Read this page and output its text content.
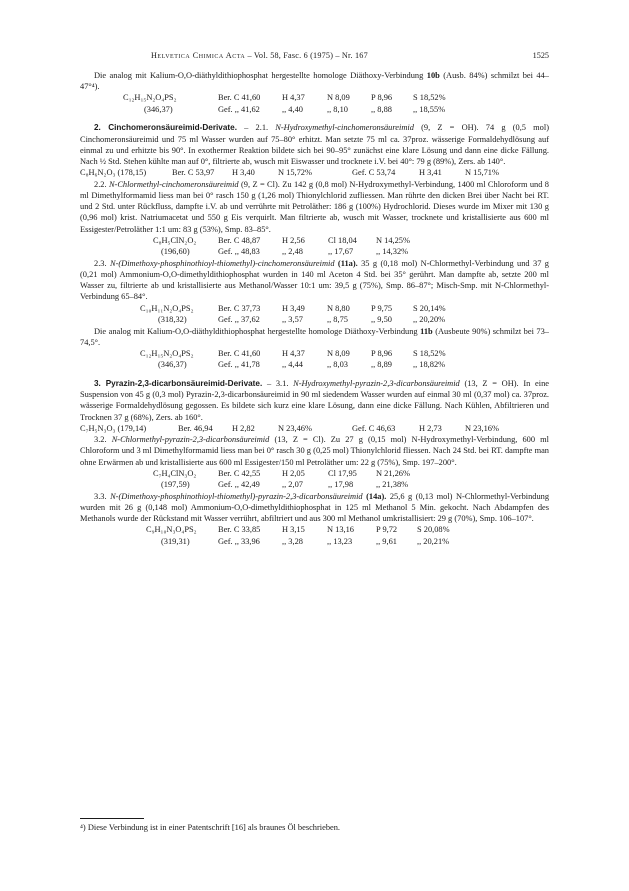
Helvetica Chimica Acta – Vol. 58, Fasc. 6 (1975) – Nr. 167	1525

Die analog mit Kalium-O,O-diäthyldithiophosphat hergestellte homologe Diäthoxy-Verbindung 10b (Ausb. 84%) schmilzt bei 44–47°⁴).

C₁₂H₁₅N₂O₄PS₂	Ber. C 41,60	H 4,37	N 8,09	P 8,96 S 18,52%
(346,37)	Gef. ,, 41,62	,, 4,40	,, 8,10	,, 8,88	,, 18,55%

2. Cinchomeronsäureimid-Derivate. – 2.1. N-Hydroxymethyl-cinchomeronsäureimid (9, Z = OH). 74 g (0,5 mol) Cinchomeronsäureimid und 75 ml Wasser wurden auf 75–80° erhitzt. Man setzte 75 ml ca. 37proz. wässerige Formaldehydlösung auf einmal zu und erhitzte bis 90°. In exothermer Reaktion bildete sich bei 90–95° zunächst eine klare Lösung und dann eine dicke Fällung. Nach ½ Std. Stehen kühlte man auf 0°, filtrierte ab, wusch mit Eiswasser und trocknete i.V. bei 40°: 79 g (89%), Zers. ab 140°.

C₈H₆N₂O₃ (178,15)	Ber. C 53,97 H 3,40	N 15,72%	Gef. C 53,74	H 3,41	N 15,71%

2.2. N-Chlormethyl-cinchomeronsäureimid (9, Z = Cl). Zu 142 g (0,8 mol) N-Hydroxymethyl-Verbindung, 1400 ml Chloroform und 8 ml Dimethylformamid liess man bei 0° rasch 150 g (1,26 mol) Thionylchlorid zufliessen. Man rührte den dicken Brei über Nacht bei RT. und 2 Std. unter Rückfluss, dampfte i.V. ab und verrührte mit Petroläther: 186 g (100%) Hydrochlorid. Dieses wurde im Mixer mit 130 g (0,96 mol) krist. Natriumacetat und 550 g Eis verquirlt. Man filtrierte ab, wusch mit Wasser, trocknete und kristallisierte aus 600 ml Essigester/Petroläther 1:1 um: 83 g (53%), Smp. 83–85°.

C₈H₅ClN₂O₂	Ber. C 48,87	H 2,56	Cl 18,04 N 14,25%
(196,60)	Gef. ,, 48,83	,, 2,48	,, 17,67	,, 14,32%

2.3. N-(Dimethoxy-phosphinothioyl-thiomethyl)-cinchomeronsäureimid (11a). 35 g (0,18 mol) N-Chlormethyl-Verbindung und 37 g (0,21 mol) Ammonium-O,O-dimethyldithiophosphat wurden in 140 ml Aceton 4 Std. bei 35° gerührt. Man dampfte ab, setzte 200 ml Wasser zu, filtrierte ab und kristallisierte aus Methanol/Wasser 10:1 um: 39,5 g (75%), Smp. 86–87°; Misch-Smp. mit N-Chlormethyl-Verbindung 65–84°.

C₁₀H₁₁N₂O₄PS₂	Ber. C 37,73	H 3,49	N 8,80	P 9,75 S 20,14%
(318,32)	Gef. ,, 37,62	,, 3,57	,, 8,75	,, 9,50	,, 20,20%

Die analog mit Kalium-O,O-diäthyldithiophosphat hergestellte homologe Diäthoxy-Verbindung 11b (Ausbeute 90%) schmilzt bei 73–74,5°.

C₁₂H₁₅N₂O₄PS₂	Ber. C 41,60	H 4,37	N 8,09	P 8,96 S 18,52%
(346,37)	Gef. ,, 41,78	,, 4,44	,, 8,03	,, 8,89	,, 18,82%

3. Pyrazin-2,3-dicarbonsäureimid-Derivate. – 3.1. N-Hydroxymethyl-pyrazin-2,3-dicarbonsäureimid (13, Z = OH). In eine Suspension von 45 g (0,3 mol) Pyrazin-2,3-dicarbonsäureimid in 90 ml siedendem Wasser wurden auf einmal 30 ml (0,37 mol) ca. 37proz. wässerige Formaldehydlösung gegossen. Es bildete sich kurz eine klare Lösung, dann eine dicke Fällung. Nach Kühlen, Abfiltrieren und Trocknen 37 g (68%), Zers. ab 160°.

C₇H₅N₃O₃ (179,14)	Ber. 46,94 H 2,82	N 23,46%	Gef. C 46,63	H 2,73	N 23,16%

3.2. N-Chlormethyl-pyrazin-2,3-dicarbonsäureimid (13, Z = Cl). Zu 27 g (0,15 mol) N-Hydroxymethyl-Verbindung, 600 ml Chloroform und 3 ml Dimethylformamid liess man bei 0° rasch 30 g (0,25 mol) Thionylchlorid fliessen. Nach 24 Std. bei RT. dampfte man ohne Erwärmen ab und kristallisierte aus 600 ml Essigester/150 ml Petroläther um: 22 g (75%), Smp. 197–200°.

C₇H₄ClN₃O₂	Ber. C 42,55	H 2,05	Cl 17,95 N 21,26%
(197,59)	Gef. ,, 42,49	,, 2,07	,, 17,98	,, 21,38%

3.3. N-(Dimethoxy-phosphinothioyl-thiomethyl)-pyrazin-2,3-dicarbonsäureimid (14a). 25,6 g (0,13 mol) N-Chlormethyl-Verbindung wurden mit 26 g (0,148 mol) Ammonium-O,O-dimethyldithiophosphat in 125 ml Methanol 5 Min. gekocht. Nach Abdampfen des Methanols wurde der Rückstand mit Wasser verrührt, abfiltriert und aus 300 ml Methanol umkristallisiert: 29 g (70%), Smp. 106–107°.

C₉H₁₀N₃O₄PS₂	Ber. C 33,85	H 3,15	N 13,16	P 9,72 S 20,08%
(319,31)	Gef. ,, 33,96	,, 3,28	,, 13,23	,, 9,61 ,, 20,21%

⁴) Diese Verbindung ist in einer Patentschrift [16] als braunes Öl beschrieben.
